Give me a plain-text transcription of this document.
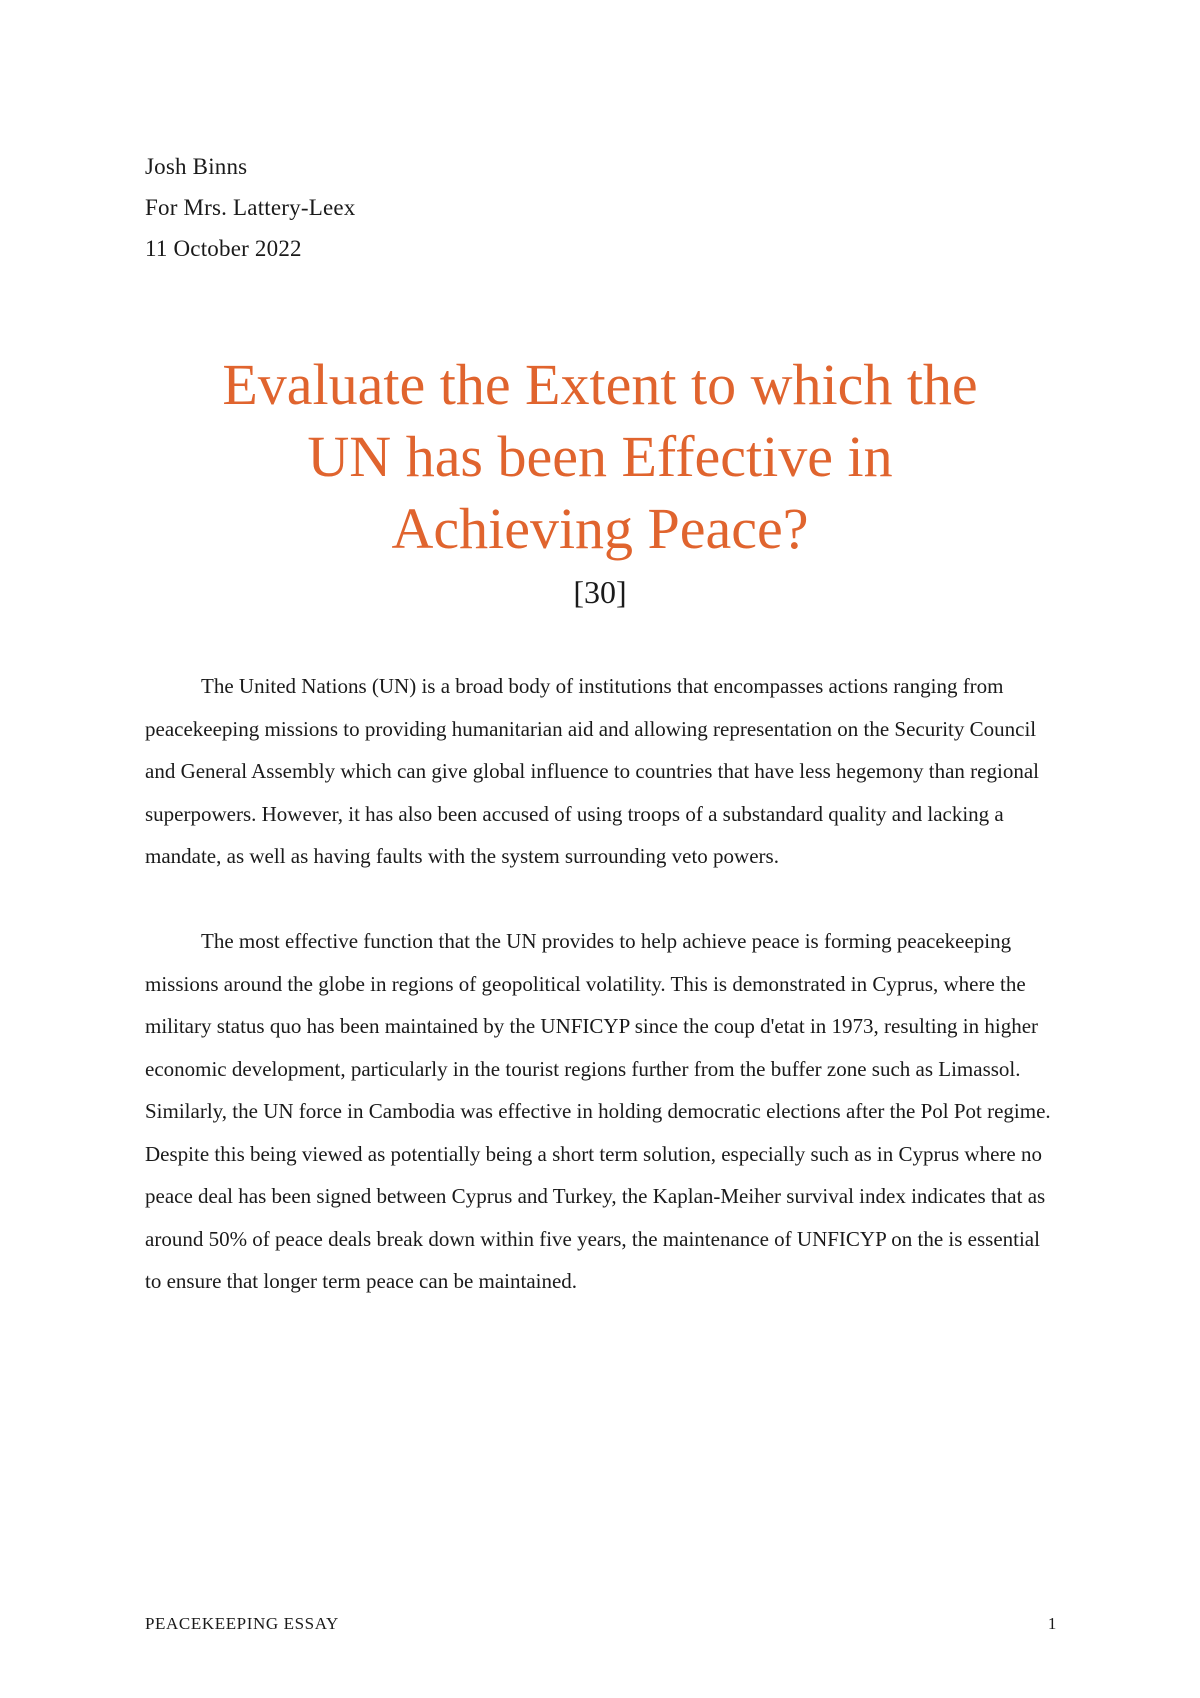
Josh Binns
For Mrs. Lattery-Leex
11 October 2022
Evaluate the Extent to which the
UN has been Effective in
Achieving Peace?
[30]

The United Nations (UN) is a broad body of institutions that encompasses actions ranging from peacekeeping missions to providing humanitarian aid and allowing representation on the Security Council and General Assembly which can give global influence to countries that have less hegemony than regional superpowers. However, it has also been accused of using troops of a substandard quality and lacking a mandate, as well as having faults with the system surrounding veto powers.

The most effective function that the UN provides to help achieve peace is forming peacekeeping missions around the globe in regions of geopolitical volatility. This is demonstrated in Cyprus, where the military status quo has been maintained by the UNFICYP since the coup d'etat in 1973, resulting in higher economic development, particularly in the tourist regions further from the buffer zone such as Limassol. Similarly, the UN force in Cambodia was effective in holding democratic elections after the Pol Pot regime. Despite this being viewed as potentially being a short term solution, especially such as in Cyprus where no peace deal has been signed between Cyprus and Turkey, the Kaplan-Meiher survival index indicates that as around 50% of peace deals break down within five years, the maintenance of UNFICYP on the is essential to ensure that longer term peace can be maintained.

PEACEKEEPING ESSAY	1
